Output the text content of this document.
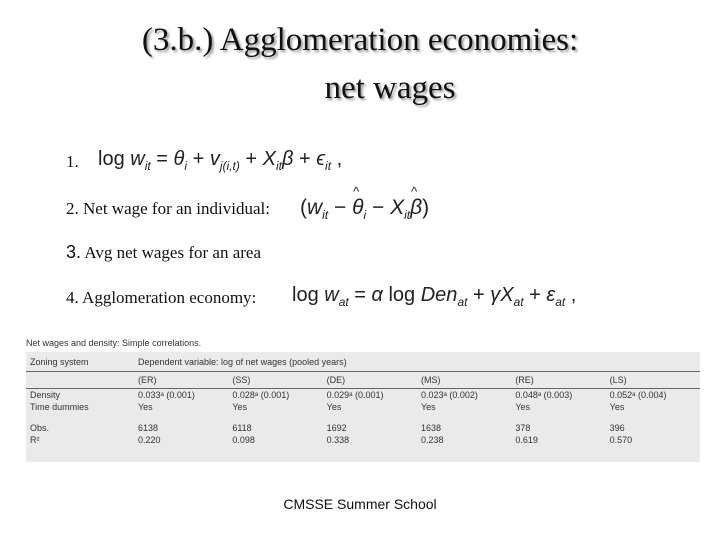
(3.b.) Agglomeration economies:
net wages
1. $\log w_{it} = \theta_i + v_{j(i,t)} + X_{it}\beta + \epsilon_{it}$ ,
2. Net wage for an individual: ($w_{it}$ − ^ $\theta_i$ − $X_{it}\^{}$ β)
3. Avg net wages for an area
4. Agglomeration economy: $\log w_{at} = \alpha$ $\log Den_{at} + \gamma X_{at} + \varepsilon_{at}$ ,
Net wages and density: Simple correlations.
Zoning system	Dependent variable: log of net wages (pooled years)					
	(ER)	(SS)	(DE)	(MS)	(RE)	(LS)
Density	0.033ᵃ (0.001)	0.028ᵃ (0.001)	0.029ᵃ (0.001)	0.023ᵃ (0.002)	0.048ᵃ (0.003)	0.052ᵃ (0.004)
Time dummies	Yes	Yes	Yes	Yes	Yes	Yes
Obs.	6138	6118	1692	1638	378	396
R²	0.220	0.098	0.338	0.238	0.619	0.570
CMSSE Summer School
